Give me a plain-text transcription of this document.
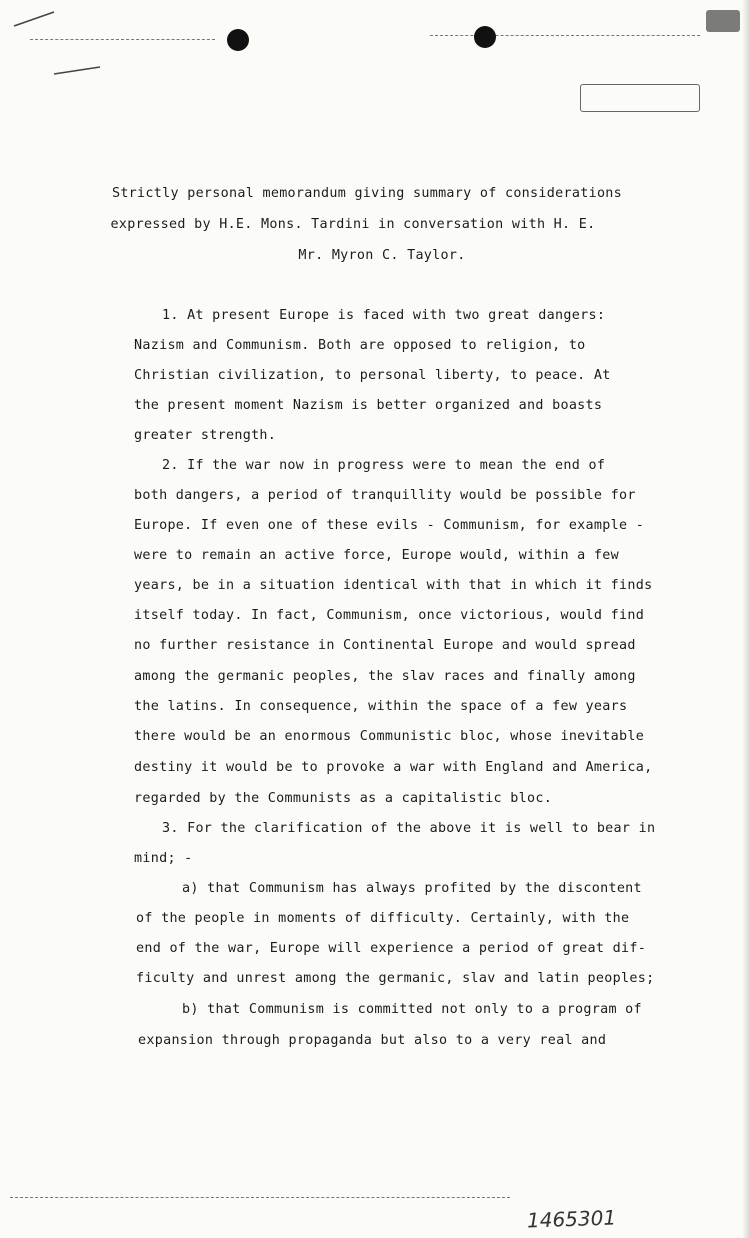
Strictly personal memorandum giving summary of considerations
expressed by H.E. Mons. Tardini in conversation with H. E.
Mr. Myron C. Taylor.
1. At present Europe is faced with two great dangers:
Nazism and Communism. Both are opposed to religion, to
Christian civilization, to personal liberty, to peace. At
the present moment Nazism is better organized and boasts
greater strength.
2. If the war now in progress were to mean the end of
both dangers, a period of tranquillity would be possible for
Europe. If even one of these evils - Communism, for example -
were to remain an active force, Europe would, within a few
years, be in a situation identical with that in which it finds
itself today. In fact, Communism, once victorious, would find
no further resistance in Continental Europe and would spread
among the germanic peoples, the slav races and finally among
the latins. In consequence, within the space of a few years
there would be an enormous Communistic bloc, whose inevitable
destiny it would be to provoke a war with England and America,
regarded by the Communists as a capitalistic bloc.
3. For the clarification of the above it is well to bear in
mind; -
a) that Communism has always profited by the discontent
of the people in moments of difficulty. Certainly, with the
end of the war, Europe will experience a period of great dif-
ficulty and unrest among the germanic, slav and latin peoples;
b) that Communism is committed not only to a program of
expansion through propaganda but also to a very real and
1465301
